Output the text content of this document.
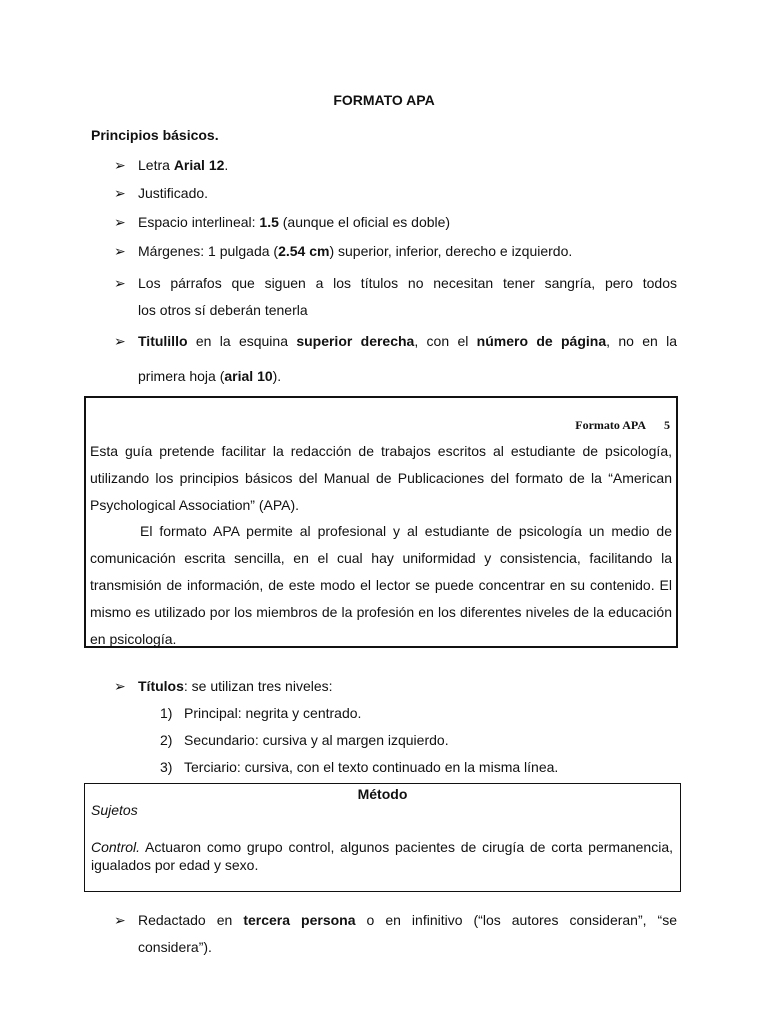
FORMATO APA
Principios básicos.
➢ Letra Arial 12.
➢ Justificado.
➢ Espacio interlineal: 1.5 (aunque el oficial es doble)
➢ Márgenes: 1 pulgada (2.54 cm) superior, inferior, derecho e izquierdo.
➢ Los párrafos que siguen a los títulos no necesitan tener sangría, pero todos
los otros sí deberán tenerla
➢ Titulillo en la esquina superior derecha, con el número de página, no en la
primera hoja (arial 10).
Formato APA 5
Esta guía pretende facilitar la redacción de trabajos escritos al estudiante de psicología, utilizando los principios básicos del Manual de Publicaciones del formato de la “American Psychological Association” (APA).
El formato APA permite al profesional y al estudiante de psicología un medio de comunicación escrita sencilla, en el cual hay uniformidad y consistencia, facilitando la transmisión de información, de este modo el lector se puede concentrar en su contenido. El mismo es utilizado por los miembros de la profesión en los diferentes niveles de la educación en psicología.
➢ Títulos: se utilizan tres niveles:
1) Principal: negrita y centrado.
2) Secundario: cursiva y al margen izquierdo.
3) Terciario: cursiva, con el texto continuado en la misma línea.
Método
Sujetos
Control. Actuaron como grupo control, algunos pacientes de cirugía de corta permanencia, igualados por edad y sexo.
➢ Redactado en tercera persona o en infinitivo (“los autores consideran”, “se
considera”).
